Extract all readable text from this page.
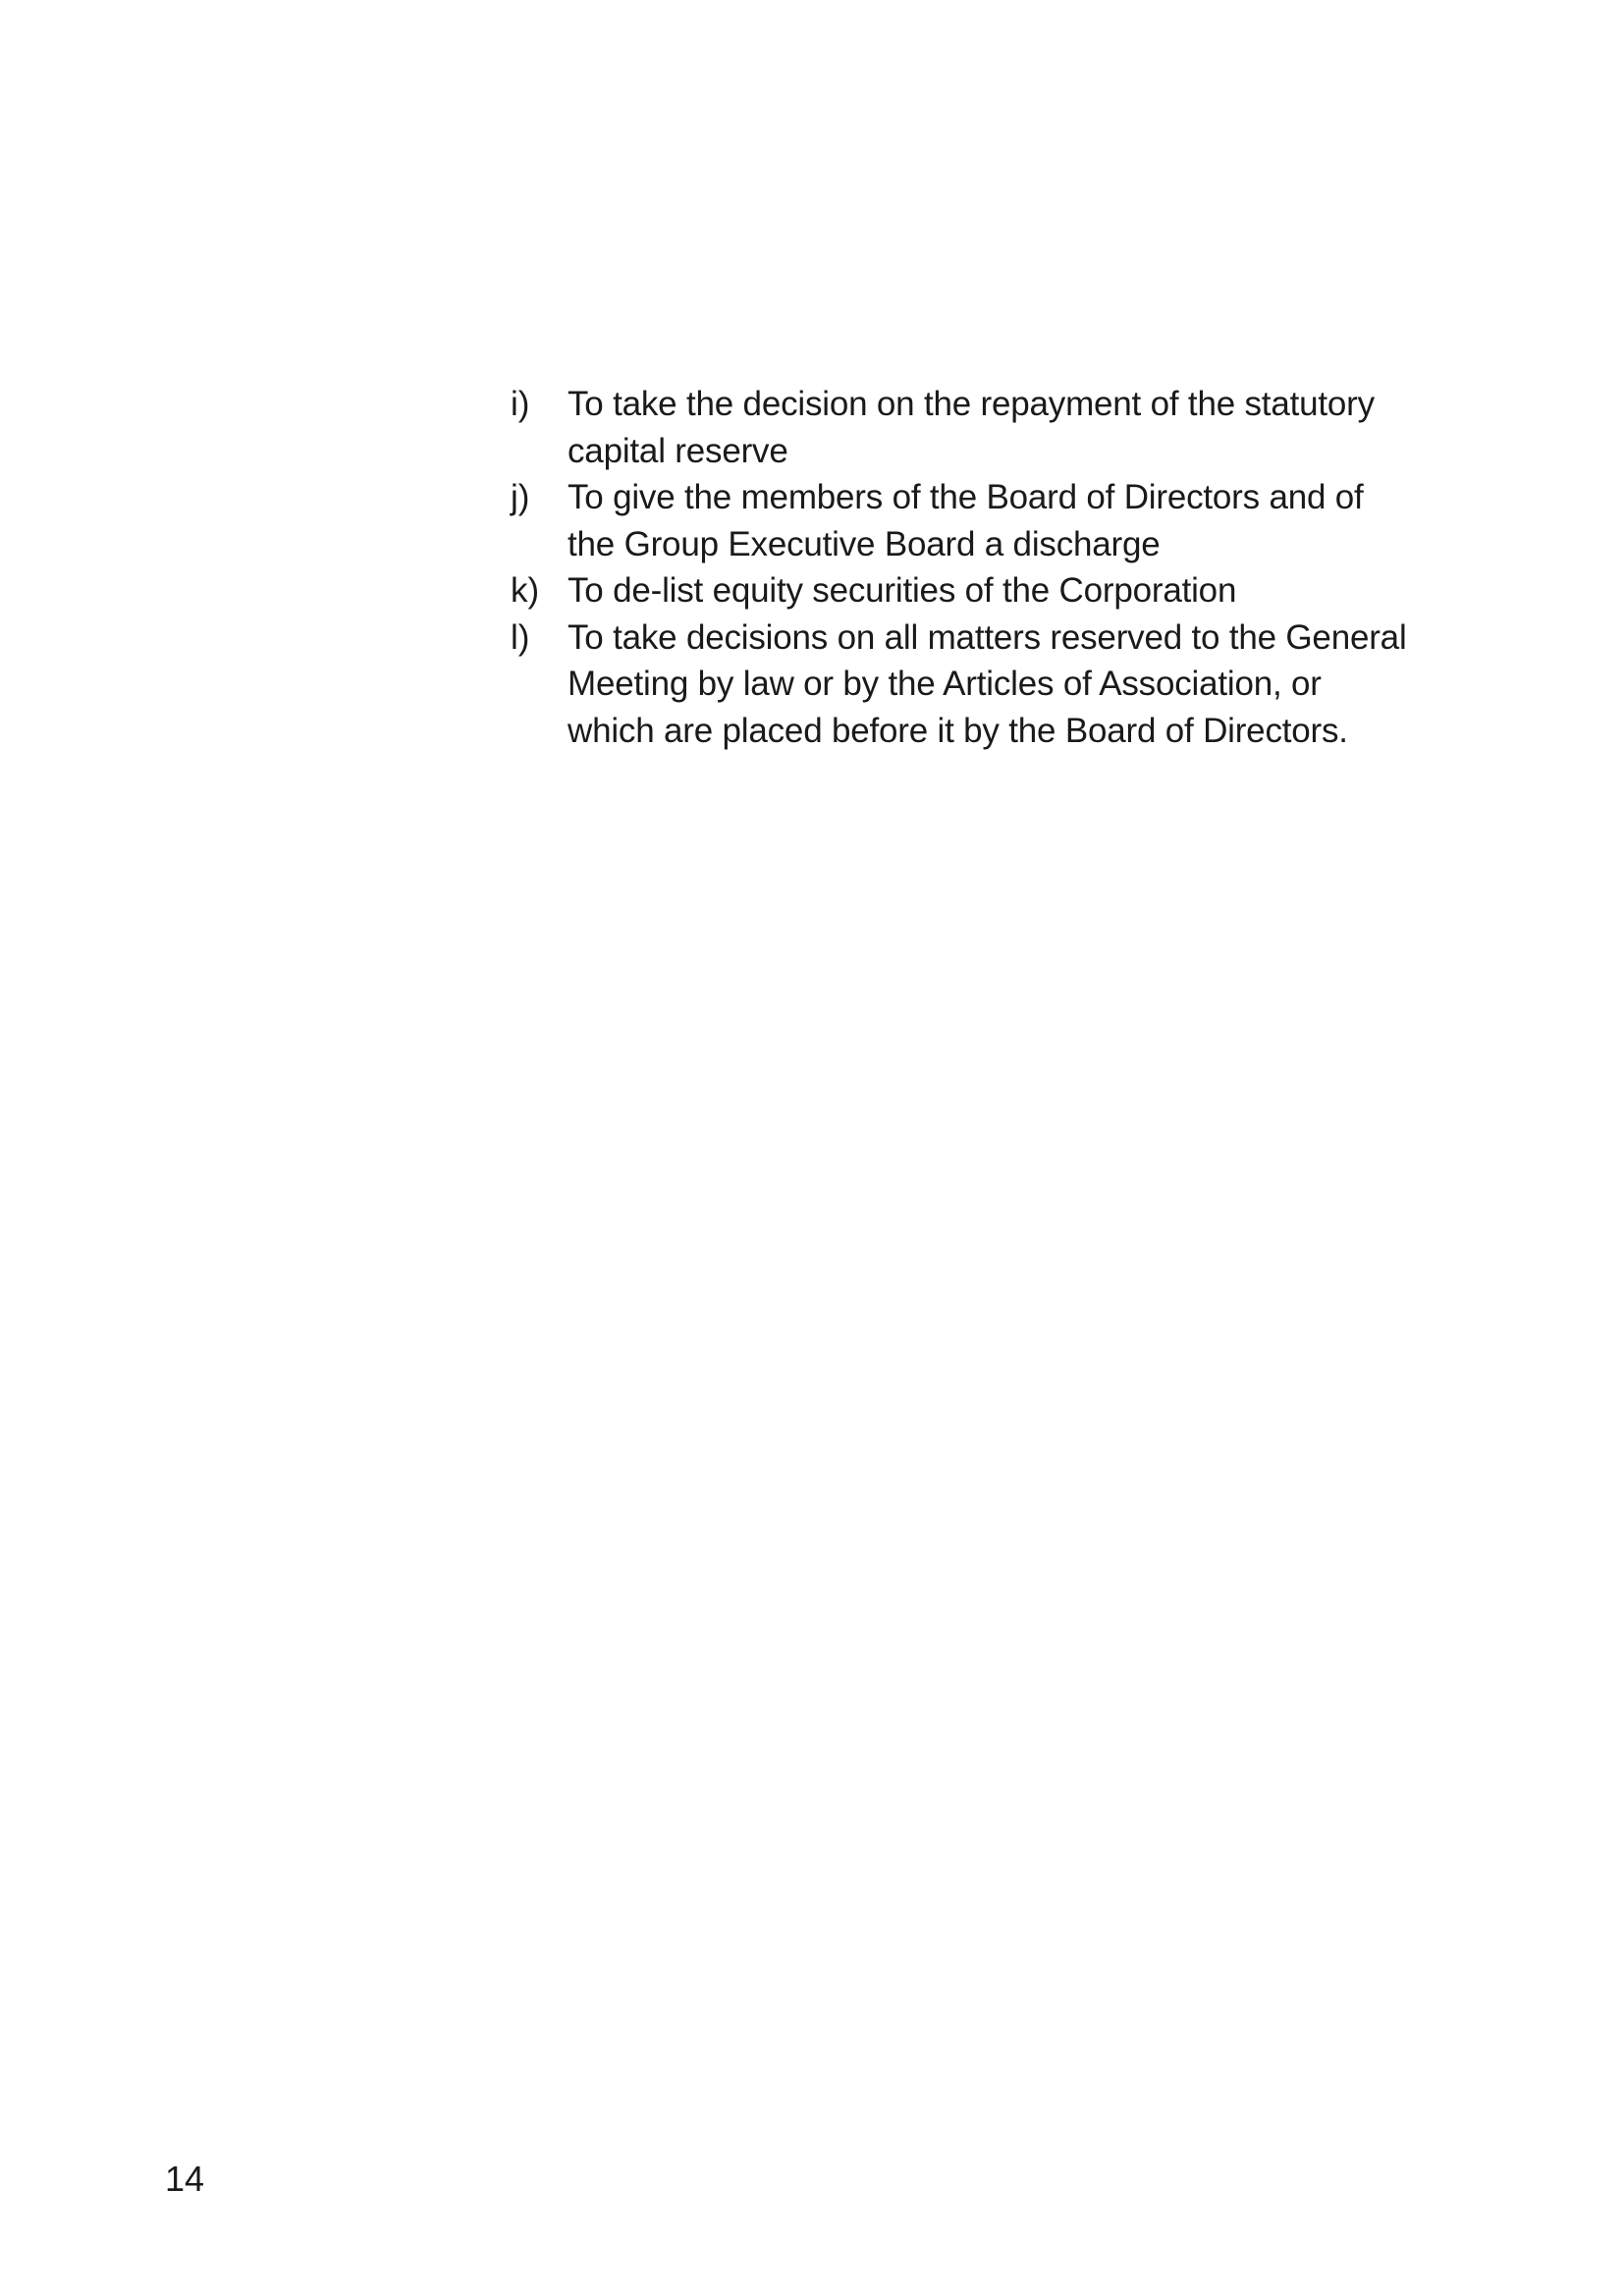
i)	To take the decision on the repayment of the statutory
capital reserve
j)	To give the members of the Board of Directors and of
the Group Executive Board a discharge
k) To de-list equity securities of the Corporation
l)	To take decisions on all matters reserved to the General
Meeting by law or by the Articles of Association, or
which are placed before it by the Board of Directors.
14
